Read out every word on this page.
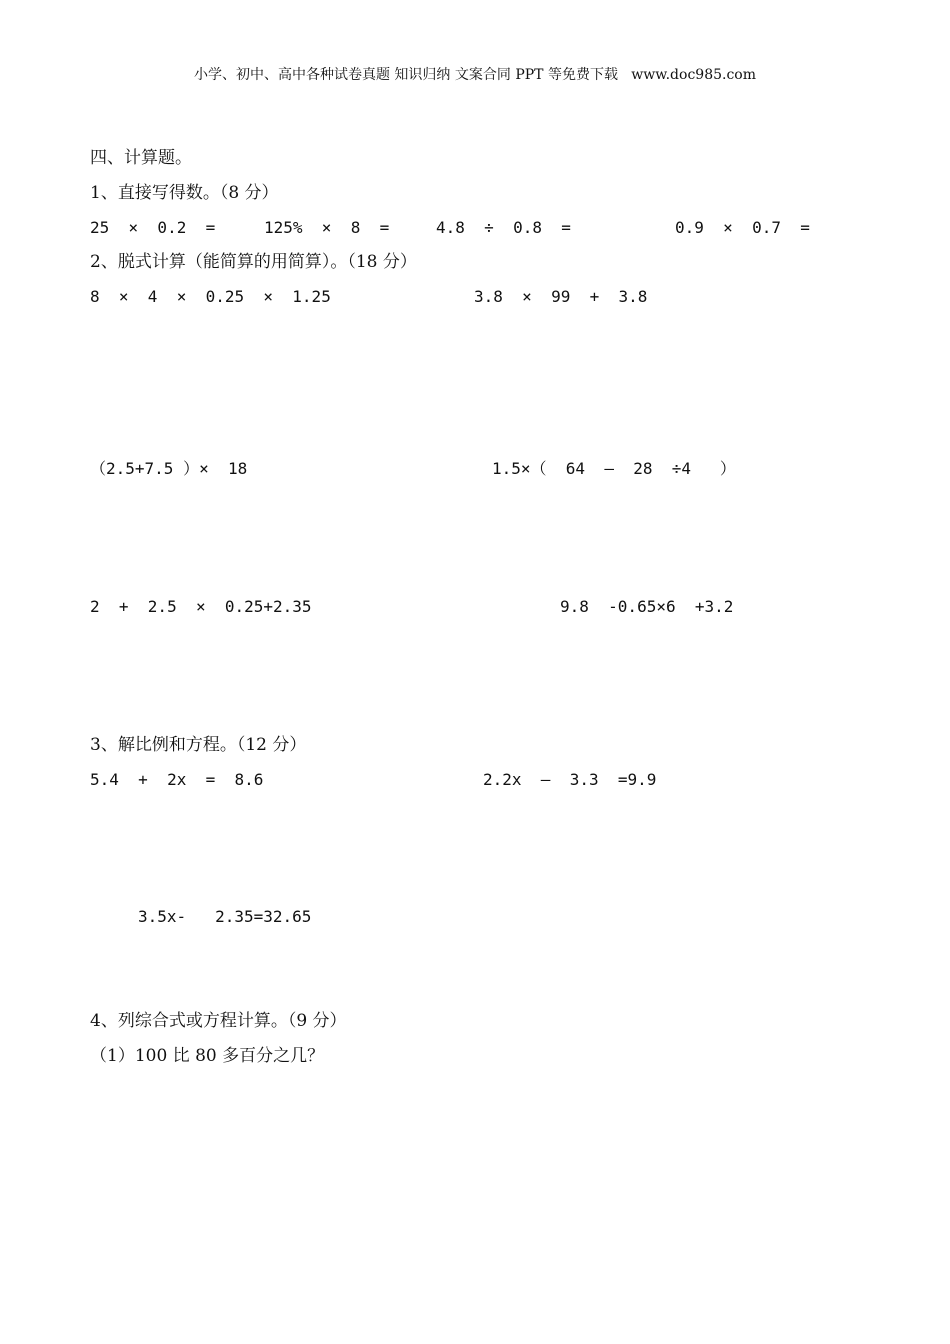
小学、初中、高中各种试卷真题 知识归纳 文案合同 PPT 等免费下载   www.doc985.com
四、计算题。
1、直接写得数。（8 分）
25  ×  0.2  =	125%  ×  8  =	4.8  ÷  0.8  =	0.9  ×  0.7  =
2、脱式计算（能简算的用简算）。（18 分）
8  ×  4  ×  0.25  ×  1.25	3.8  ×  99  +  3.8
（2.5+7.5 ）×  18	1.5×（  64  –  28  ÷4   ）
2  +  2.5  ×  0.25+2.35	9.8  -0.65×6  +3.2
3、解比例和方程。（12 分）
5.4  +  2x  =  8.6	2.2x  –  3.3  =9.9
3.5x-   2.35=32.65
4、列综合式或方程计算。（9 分）
（1）100 比 80 多百分之几？
